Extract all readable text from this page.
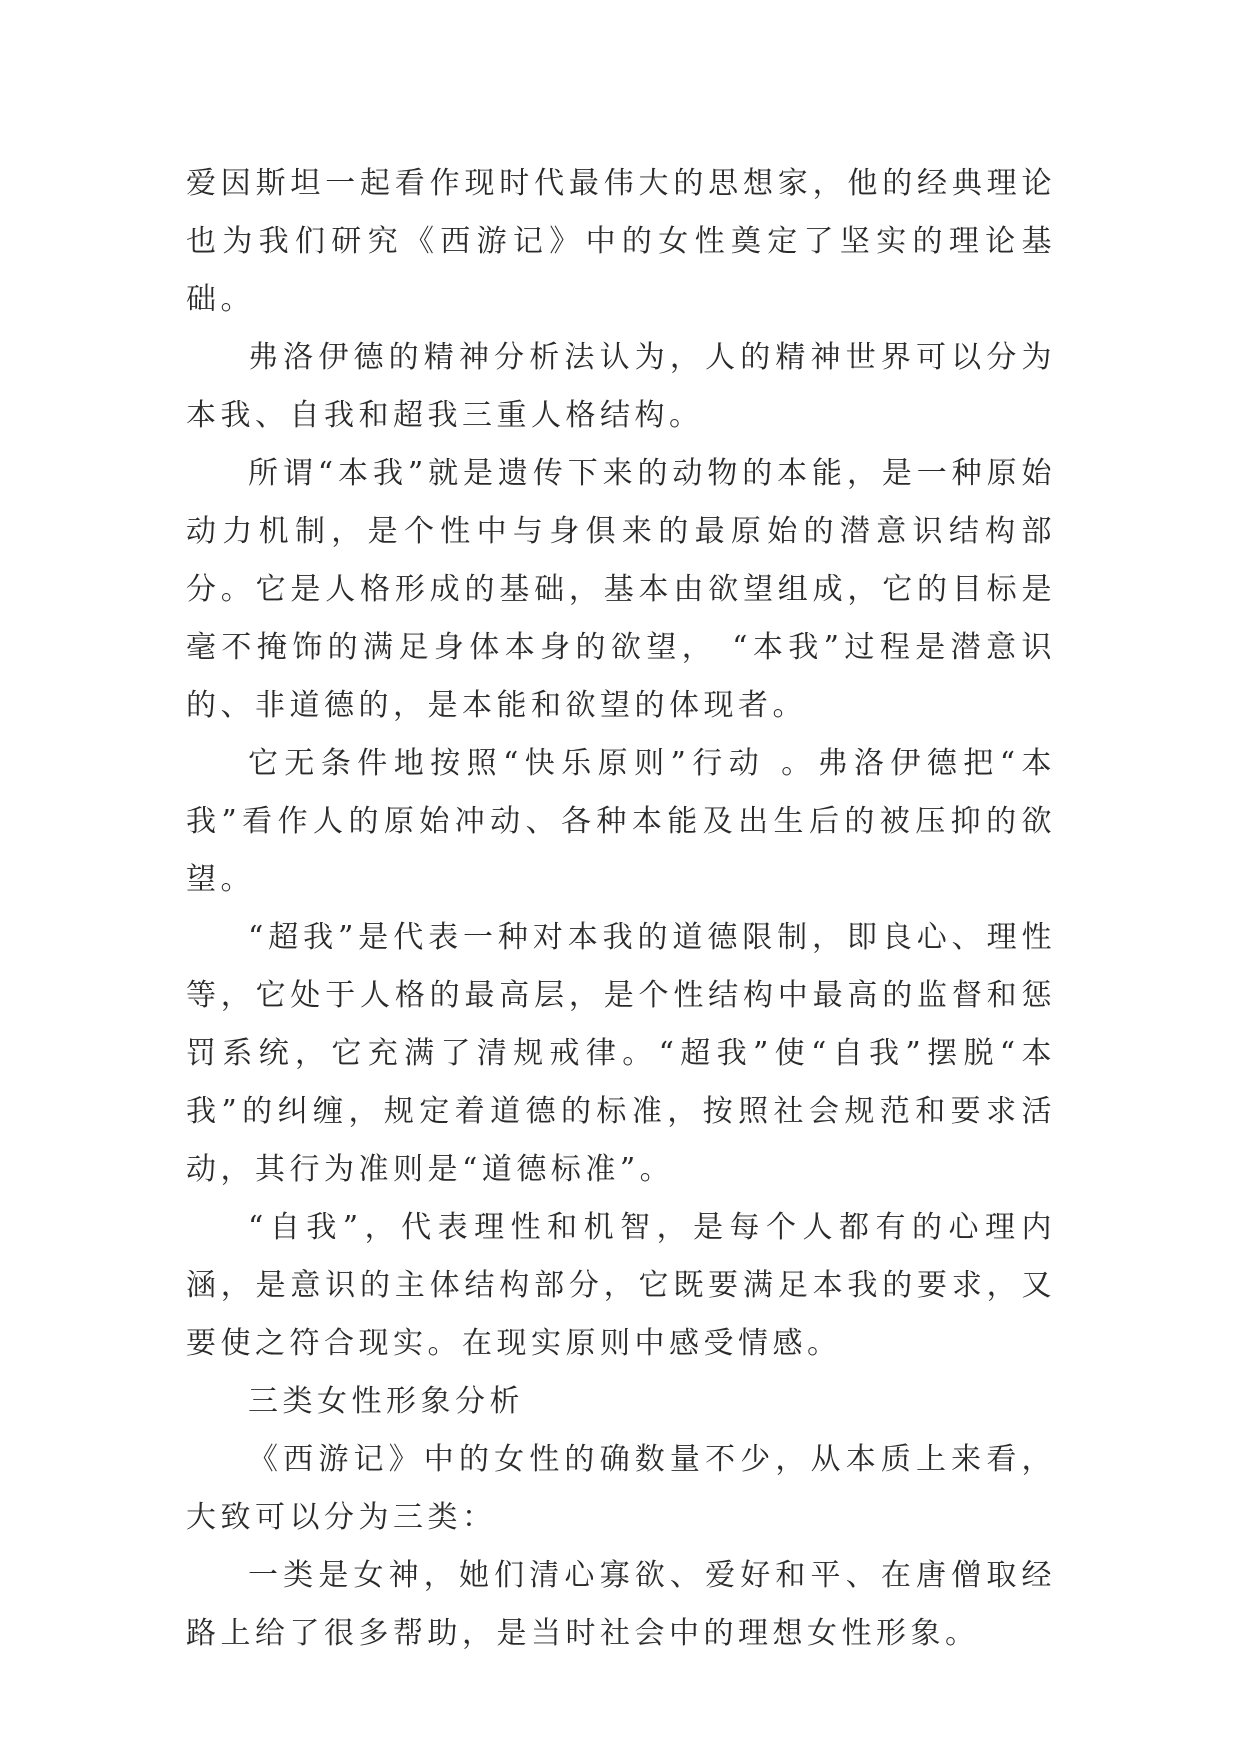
爱因斯坦一起看作现时代最伟大的思想家，他的经典理论也为我们研究《西游记》中的女性奠定了坚实的理论基础。

弗洛伊德的精神分析法认为，人的精神世界可以分为本我、自我和超我三重人格结构。

所谓“本我”就是遗传下来的动物的本能，是一种原始动力机制，是个性中与身俱来的最原始的潜意识结构部分。它是人格形成的基础，基本由欲望组成，它的目标是毫不掩饰的满足身体本身的欲望， “本我”过程是潜意识的、非道德的，是本能和欲望的体现者。

它无条件地按照“快乐原则”行动 。弗洛伊德把“本我”看作人的原始冲动、各种本能及出生后的被压抑的欲望。

“超我”是代表一种对本我的道德限制，即良心、理性等，它处于人格的最高层，是个性结构中最高的监督和惩罚系统，它充满了清规戒律。“超我”使“自我”摆脱“本我”的纠缠，规定着道德的标准，按照社会规范和要求活动，其行为准则是“道德标准”。

“自我”，代表理性和机智，是每个人都有的心理内涵，是意识的主体结构部分，它既要满足本我的要求，又要使之符合现实。在现实原则中感受情感。

三类女性形象分析

《西游记》中的女性的确数量不少，从本质上来看，大致可以分为三类：

一类是女神，她们清心寡欲、爱好和平、在唐僧取经路上给了很多帮助，是当时社会中的理想女性形象。
